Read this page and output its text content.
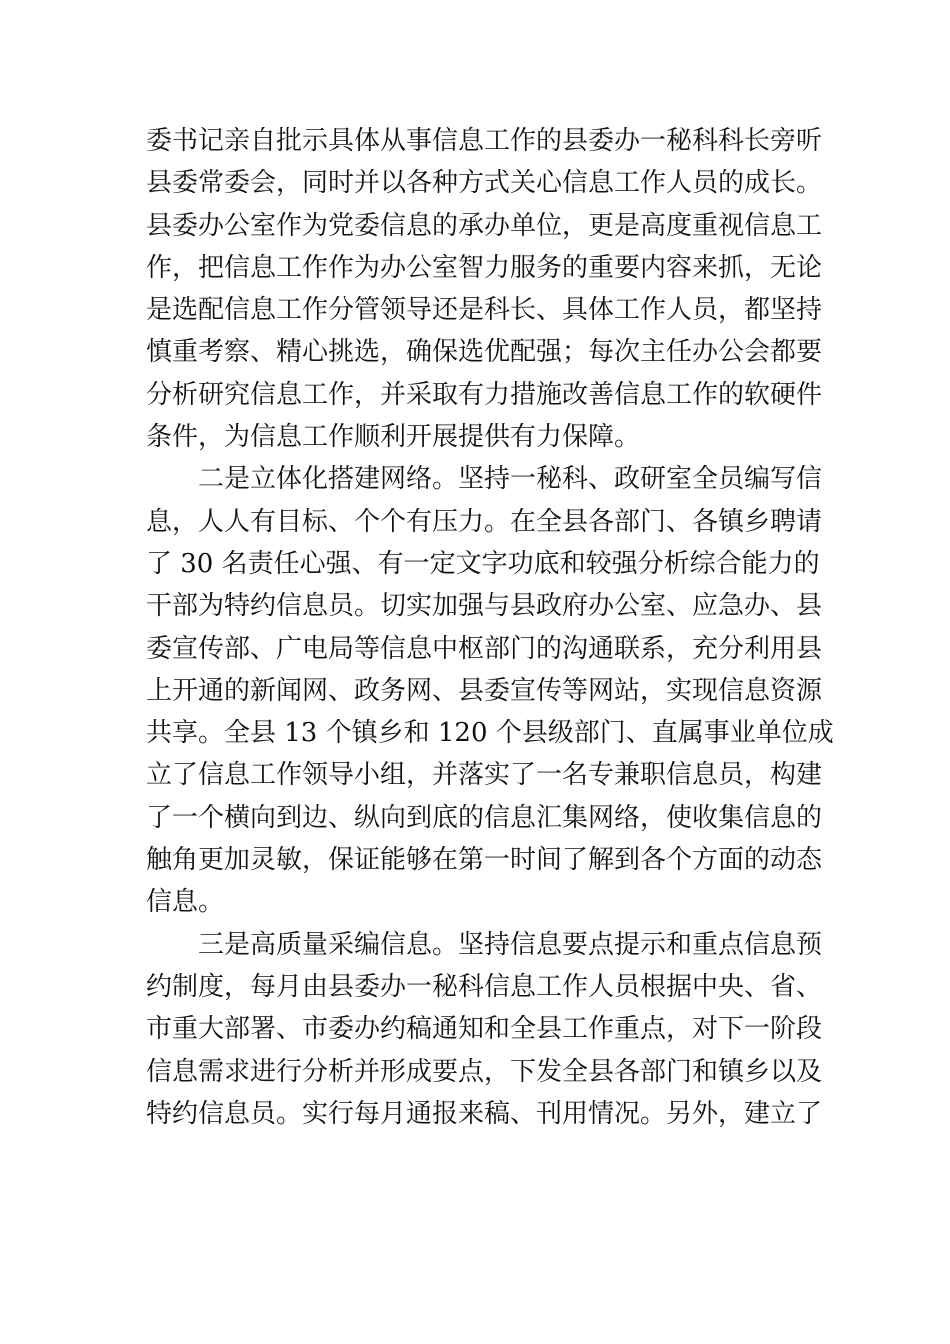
委书记亲自批示具体从事信息工作的县委办一秘科科长旁听
县委常委会，同时并以各种方式关心信息工作人员的成长。
县委办公室作为党委信息的承办单位，更是高度重视信息工
作，把信息工作作为办公室智力服务的重要内容来抓，无论
是选配信息工作分管领导还是科长、具体工作人员，都坚持
慎重考察、精心挑选，确保选优配强；每次主任办公会都要
分析研究信息工作，并采取有力措施改善信息工作的软硬件
条件，为信息工作顺利开展提供有力保障。
二是立体化搭建网络。坚持一秘科、政研室全员编写信
息，人人有目标、个个有压力。在全县各部门、各镇乡聘请
了 30 名责任心强、有一定文字功底和较强分析综合能力的
干部为特约信息员。切实加强与县政府办公室、应急办、县
委宣传部、广电局等信息中枢部门的沟通联系，充分利用县
上开通的新闻网、政务网、县委宣传等网站，实现信息资源
共享。全县 13 个镇乡和 120 个县级部门、直属事业单位成
立了信息工作领导小组，并落实了一名专兼职信息员，构建
了一个横向到边、纵向到底的信息汇集网络，使收集信息的
触角更加灵敏，保证能够在第一时间了解到各个方面的动态
信息。
三是高质量采编信息。坚持信息要点提示和重点信息预
约制度，每月由县委办一秘科信息工作人员根据中央、省、
市重大部署、市委办约稿通知和全县工作重点，对下一阶段
信息需求进行分析并形成要点，下发全县各部门和镇乡以及
特约信息员。实行每月通报来稿、刊用情况。另外，建立了
